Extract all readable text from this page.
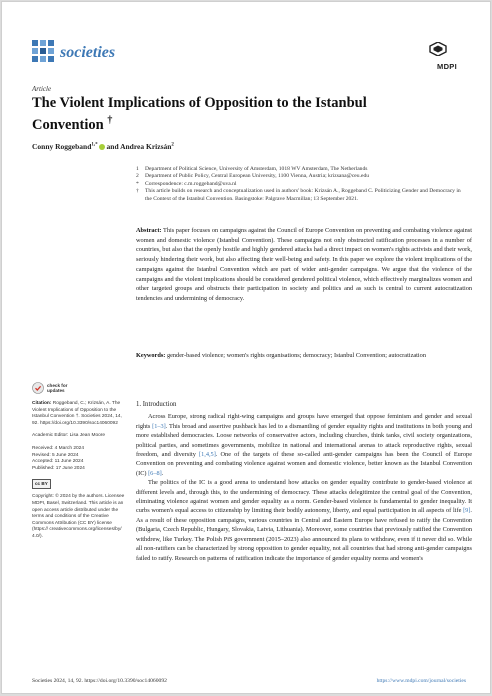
societies
MDPI
Article
The Violent Implications of Opposition to the Istanbul Convention †
Conny Roggeband$^{1,*}$ and Andrea Krizsán$^2$
1	Department of Political Science, University of Amsterdam, 1018 WV Amsterdam, The Netherlands
2	Department of Public Policy, Central European University, 1100 Vienna, Austria; krizsana@ceu.edu
*	Correspondence: c.m.roggeband@uva.nl
†	This article builds on research and conceptualization used in authors' book: Krizsán A., Roggeband C. Politicizing Gender and Democracy in the Context of the Istanbul Convention. Basingstoke: Palgrave Macmillan; 13 September 2021.
Abstract: This paper focuses on campaigns against the Council of Europe Convention on preventing and combating violence against women and domestic violence (Istanbul Convention). These campaigns not only obstructed ratification processes in a number of countries, but also that the openly hostile and highly gendered attacks had a direct impact on women's rights activists and their work, seriously hindering their work, but also affecting their well-being and safety. In this paper we explore the violent implications of the campaigns against the Istanbul Convention which are part of wider anti-gender campaigns. We argue that the violence of the campaigns and the violent implications should be considered gendered political violence, which effectively marginalizes women and other targeted groups and obstructs their participation in society and politics and as such is central to current autocratization tendencies and undermining of democracy.
Keywords: gender-based violence; women's rights organisations; democracy; Istanbul Convention; autocratization
check for
updates
Citation: Roggeband, C.; Krizsán, A. The Violent Implications of Opposition to the Istanbul Convention †. Societies 2024, 14, 92. https://doi.org/10.3390/soc14060092
Academic Editor: Lisa Jean Moore
Received: 4 March 2024
Revised: 5 June 2024
Accepted: 11 June 2024
Published: 17 June 2024
cc BY
Copyright: © 2024 by the authors. Licensee MDPI, Basel, Switzerland. This article is an open access article distributed under the terms and conditions of the Creative Commons Attribution (CC BY) license (https:// creativecommons.org/licenses/by/ 4.0/).
1. Introduction

Across Europe, strong radical right-wing campaigns and groups have emerged that oppose feminism and gender and sexual rights [1–3]. This broad and assertive pushback has led to a dismantling of gender equality rights and institutions in both young and more established democracies. Loose networks of conservative actors, including churches, think tanks, civil society organizations, political parties, and sometimes governments, mobilize in national and international arenas to attack reproductive rights, sexual freedom, and diversity [1,4,5]. One of the targets of these so-called anti-gender campaigns has been the Council of Europe Convention on preventing and combating violence against women and domestic violence, better known as the Istanbul Convention (IC) [6–8].

The politics of the IC is a good arena to understand how attacks on gender equality contribute to gender-based violence at different levels and, through this, to the undermining of democracy. These attacks delegitimize the central goal of the Convention, eliminating violence against women and gender equality as a norm. Gender-based violence is fundamental to gender inequality. It curbs women's equal access to citizenship by limiting their bodily autonomy, liberty, and equal participation in all aspects of life [9]. As a result of these opposition campaigns, various countries in Central and Eastern Europe have refused to ratify the Convention (Bulgaria, Czech Republic, Hungary, Slovakia, Latvia, Lithuania). Moreover, some countries that previously ratified the Convention withdrew, like Turkey. The Polish PiS government (2015–2023) also announced its plans to withdraw, even if it never did so. While all non-ratifiers can be characterized by strong opposition to gender equality, not all countries that had strong anti-gender campaigns failed to ratify. Research on patterns of ratification indicate the importance of gender equality norms and women's

Societies 2024, 14, 92. https://doi.org/10.3390/soc14060092	https://www.mdpi.com/journal/societies
